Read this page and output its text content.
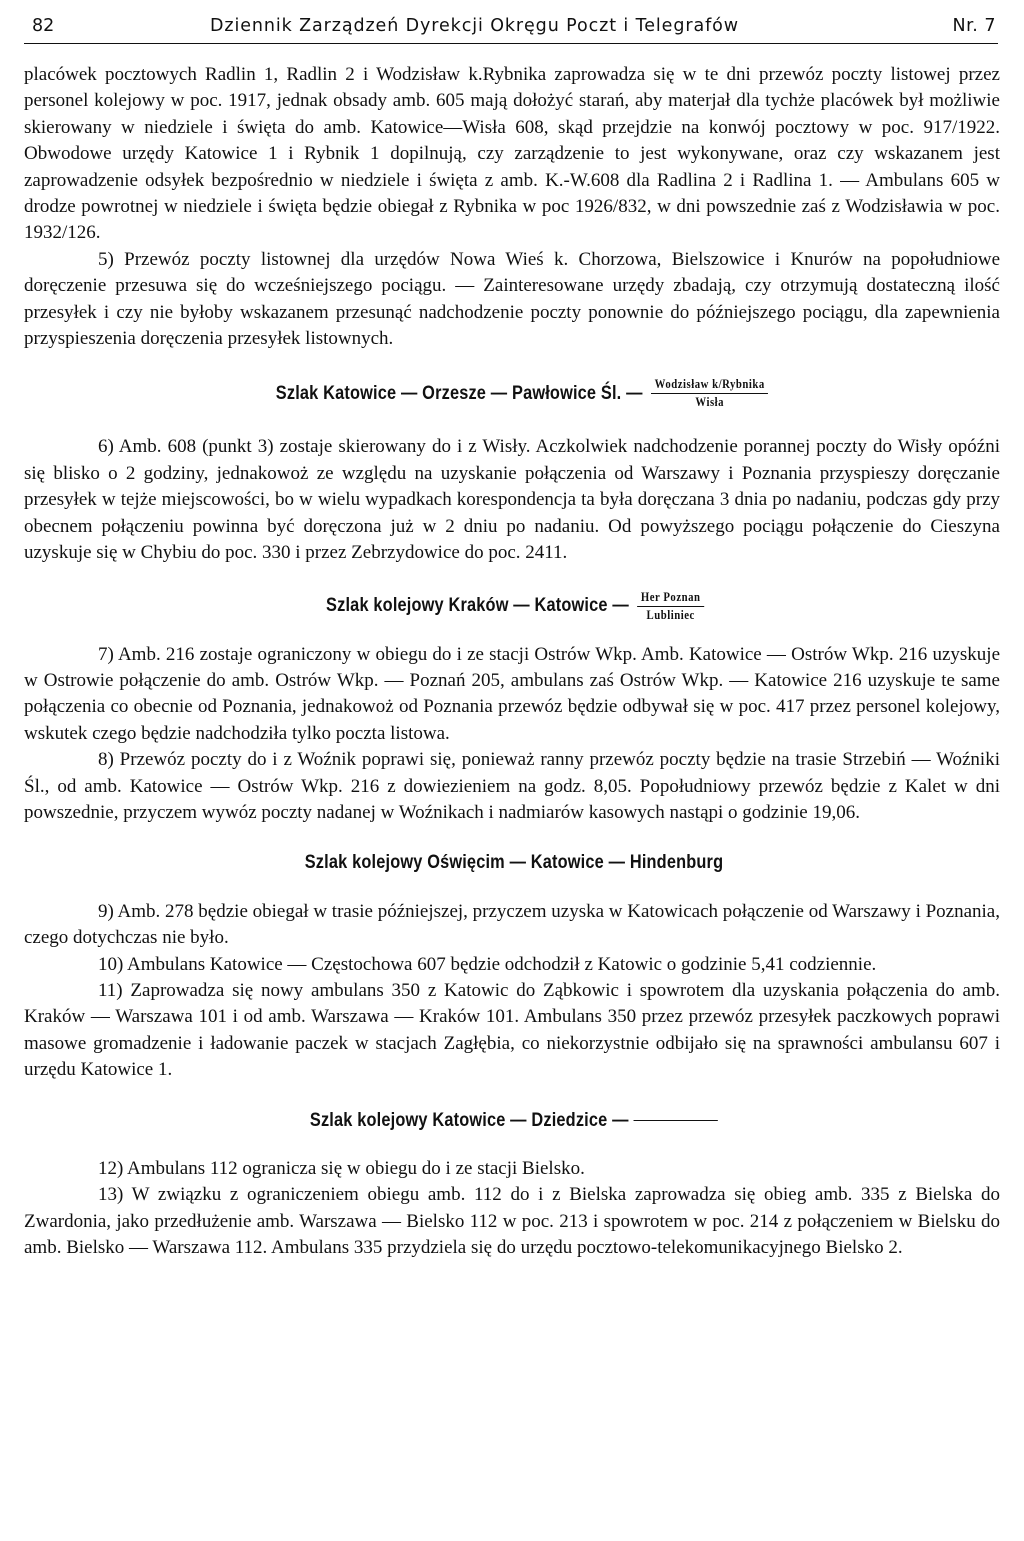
82	Dziennik Zarządzeń Dyrekcji Okręgu Poczt i Telegrafów	Nr. 7

placówek pocztowych Radlin 1, Radlin 2 i Wodzisław k.Rybnika zaprowadza się w te dni przewóz poczty listowej przez personel kolejowy w poc. 1917, jednak obsady amb. 605 mają dołożyć starań, aby materjał dla tychże placówek był możliwie skierowany w niedziele i święta do amb. Katowice—Wisła 608, skąd przejdzie na konwój pocztowy w poc. 917/1922. Obwodowe urzędy Katowice 1 i Rybnik 1 dopilnują, czy zarządzenie to jest wykonywane, oraz czy wskazanem jest zaprowadzenie odsyłek bezpośrednio w niedziele i święta z amb. K.-W.608 dla Radlina 2 i Radlina 1. — Ambulans 605 w drodze powrotnej w niedziele i święta będzie obiegał z Rybnika w poc 1926/832, w dni powszednie zaś z Wodzisławia w poc. 1932/126.

5) Przewóz poczty listownej dla urzędów Nowa Wieś k. Chorzowa, Bielszowice i Knurów na popołudniowe doręczenie przesuwa się do wcześniejszego pociągu. — Zainteresowane urzędy zbadają, czy otrzymują dostateczną ilość przesyłek i czy nie byłoby wskazanem przesunąć nadchodzenie poczty ponownie do późniejszego pociągu, dla zapewnienia przyspieszenia doręczenia przesyłek listownych.

Szlak Katowice — Orzesze — Pawłowice Śl. — $\frac{\text{Wodzisław k/Rybnika}}{\text{Wisła}}$

6) Amb. 608 (punkt 3) zostaje skierowany do i z Wisły. Aczkolwiek nadchodzenie porannej poczty do Wisły opóźni się blisko o 2 godziny, jednakowoż ze względu na uzyskanie połączenia od Warszawy i Poznania przyspieszy doręczanie przesyłek w tejże miejscowości, bo w wielu wypadkach korespondencja ta była doręczana 3 dnia po nadaniu, podczas gdy przy obecnem połączeniu powinna być doręczona już w 2 dniu po nadaniu. Od powyższego pociągu połączenie do Cieszyna uzyskuje się w Chybiu do poc. 330 i przez Zebrzydowice do poc. 2411.

Szlak kolejowy Kraków — Katowice — $\frac{\text{Her Poznan}}{\text{Lubliniec}}$

7) Amb. 216 zostaje ograniczony w obiegu do i ze stacji Ostrów Wkp. Amb. Katowice — Ostrów Wkp. 216 uzyskuje w Ostrowie połączenie do amb. Ostrów Wkp. — Poznań 205, ambulans zaś Ostrów Wkp. — Katowice 216 uzyskuje te same połączenia co obecnie od Poznania, jednakowoż od Poznania przewóz będzie odbywał się w poc. 417 przez personel kolejowy, wskutek czego będzie nadchodziła tylko poczta listowa.

8) Przewóz poczty do i z Woźnik poprawi się, ponieważ ranny przewóz poczty będzie na trasie Strzebiń — Woźniki Śl., od amb. Katowice — Ostrów Wkp. 216 z dowiezieniem na godz. 8,05. Popołudniowy przewóz będzie z Kalet w dni powszednie, przyczem wywóz poczty nadanej w Woźnikach i nadmiarów kasowych nastąpi o godzinie 19,06.

Szlak kolejowy Oświęcim — Katowice — Hindenburg

9) Amb. 278 będzie obiegał w trasie późniejszej, przyczem uzyska w Katowicach połączenie od Warszawy i Poznania, czego dotychczas nie było.

10) Ambulans Katowice — Częstochowa 607 będzie odchodził z Katowic o godzinie 5,41 codziennie.

11) Zaprowadza się nowy ambulans 350 z Katowic do Ząbkowic i spowrotem dla uzyskania połączenia do amb. Kraków — Warszawa 101 i od amb. Warszawa — Kraków 101. Ambulans 350 przez przewóz przesyłek paczkowych poprawi masowe gromadzenie i ładowanie paczek w stacjach Zagłębia, co niekorzystnie odbijało się na sprawności ambulansu 607 i urzędu Katowice 1.

Szlak kolejowy Katowice — Dziedzice —

12) Ambulans 112 ogranicza się w obiegu do i ze stacji Bielsko.

13) W związku z ograniczeniem obiegu amb. 112 do i z Bielska zaprowadza się obieg amb. 335 z Bielska do Zwardonia, jako przedłużenie amb. Warszawa — Bielsko 112 w poc. 213 i spowrotem w poc. 214 z połączeniem w Bielsku do amb. Bielsko — Warszawa 112. Ambulans 335 przydziela się do urzędu pocztowo-telekomunikacyjnego Bielsko 2.
